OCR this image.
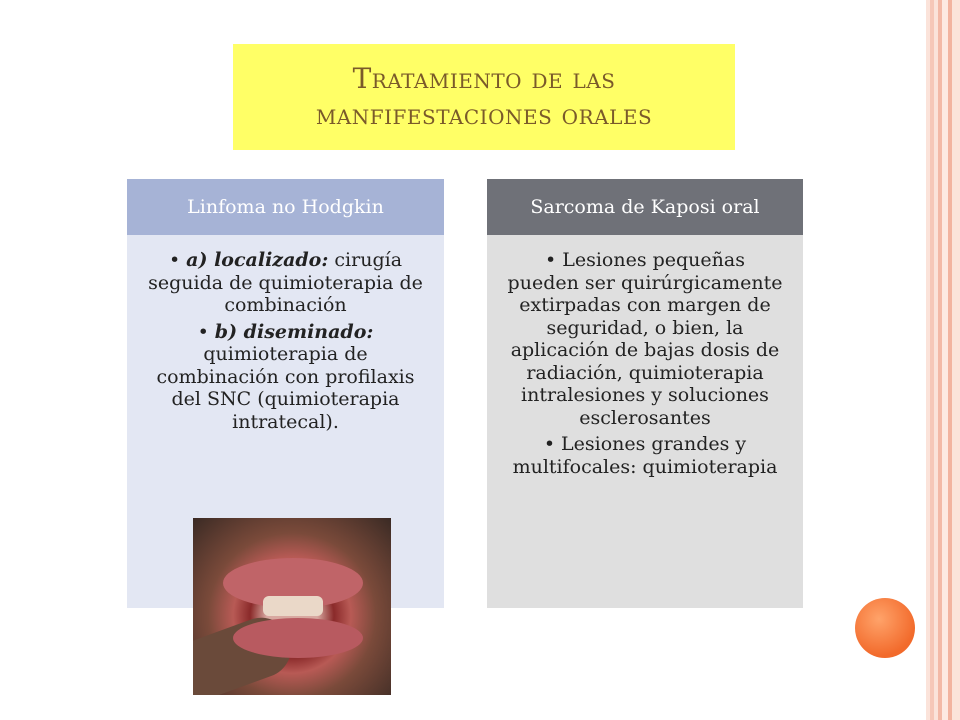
Tratamiento de las manfifestaciones orales
Linfoma no Hodgkin
• a) localizado: cirugía seguida de quimioterapia de combinación
• b) diseminado: quimioterapia de combinación con profilaxis del SNC (quimioterapia intratecal).
Sarcoma de Kaposi oral
• Lesiones pequeñas pueden ser quirúrgicamente extirpadas con margen de seguridad, o bien, la aplicación de bajas dosis de radiación, quimioterapia intralesiones y soluciones esclerosantes
• Lesiones grandes y multifocales: quimioterapia
